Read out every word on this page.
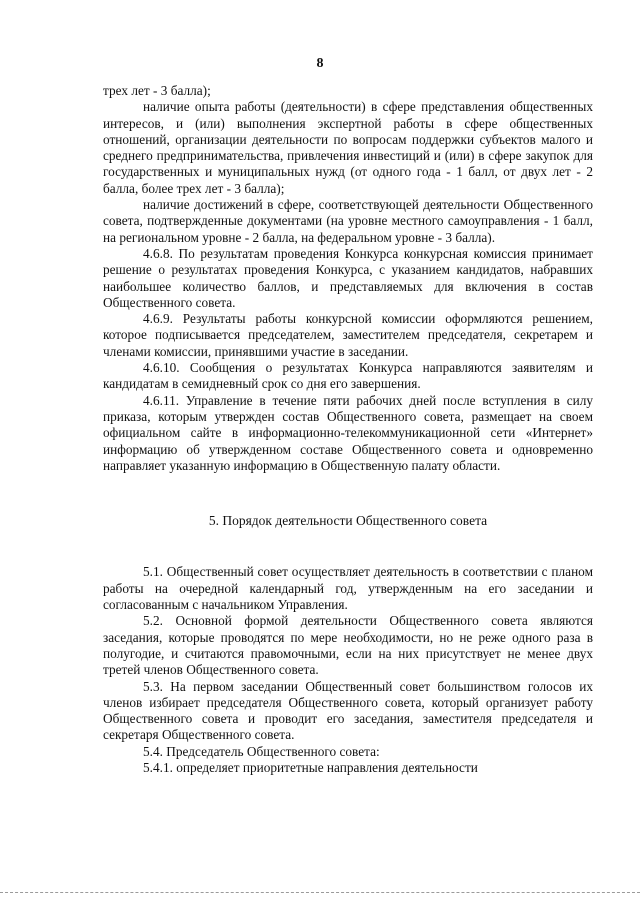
8

трех лет - 3 балла);

наличие опыта работы (деятельности) в сфере представления общественных интересов, и (или) выполнения экспертной работы в сфере общественных отношений, организации деятельности по вопросам поддержки субъектов малого и среднего предпринимательства, привлечения инвестиций и (или) в сфере закупок для государственных и муниципальных нужд (от одного года - 1 балл, от двух лет - 2 балла, более трех лет - 3 балла);

наличие достижений в сфере, соответствующей деятельности Общественного совета, подтвержденные документами (на уровне местного самоуправления - 1 балл, на региональном уровне - 2 балла, на федеральном уровне - 3 балла).

4.6.8. По результатам проведения Конкурса конкурсная комиссия принимает решение о результатах проведения Конкурса, с указанием кандидатов, набравших наибольшее количество баллов, и представляемых для включения в состав Общественного совета.

4.6.9. Результаты работы конкурсной комиссии оформляются решением, которое подписывается председателем, заместителем председателя, секретарем и членами комиссии, принявшими участие в заседании.

4.6.10. Сообщения о результатах Конкурса направляются заявителям и кандидатам в семидневный срок со дня его завершения.

4.6.11. Управление в течение пяти рабочих дней после вступления в силу приказа, которым утвержден состав Общественного совета, размещает на своем официальном сайте в информационно-телекоммуникационной сети «Интернет» информацию об утвержденном составе Общественного совета и одновременно направляет указанную информацию в Общественную палату области.

5. Порядок деятельности Общественного совета

5.1. Общественный совет осуществляет деятельность в соответствии с планом работы на очередной календарный год, утвержденным на его заседании и согласованным с начальником Управления.

5.2. Основной формой деятельности Общественного совета являются заседания, которые проводятся по мере необходимости, но не реже одного раза в полугодие, и считаются правомочными, если на них присутствует не менее двух третей членов Общественного совета.

5.3. На первом заседании Общественный совет большинством голосов их членов избирает председателя Общественного совета, который организует работу Общественного совета и проводит его заседания, заместителя председателя и секретаря Общественного совета.

5.4. Председатель Общественного совета:

5.4.1. определяет приоритетные направления деятельности
